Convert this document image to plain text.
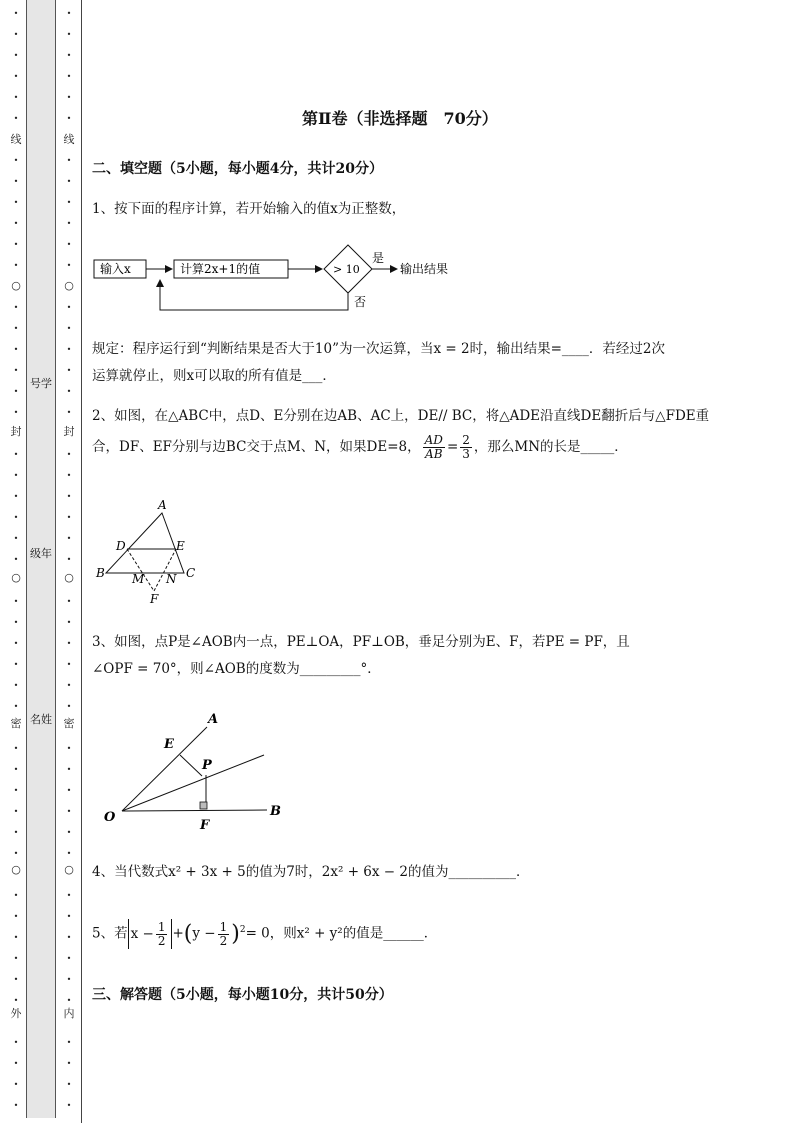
•
•
•
•
•
•
•
•
•
•
•
•
•
•
•
•
•
•
•
•
•
•
•
•
•
•
•
•
•
•
•
•
•
•
•
•
•
•
•
•
•
•
•
•
•
•
线
○
封
○
密
○
外
号学
级年
名姓
•
•
•
•
•
•
•
•
•
•
•
•
•
•
•
•
•
•
•
•
•
•
•
•
•
•
•
•
•
•
•
•
•
•
•
•
•
•
•
•
•
•
•
•
•
•
线
○
封
○
密
○
内
第Ⅱ卷（非选择题　70分）
二、填空题（5小题，每小题4分，共计20分）
1、按下面的程序计算，若开始输入的值x为正整数，
输入x	计算2x+1的值	> 10
是
输出结果
否
规定：程序运行到“判断结果是否大于10”为一次运算，当x = 2时，输出结果=____．若经过2次
运算就停止，则x可以取的所有值是___．
2、如图，在△ABC中，点D、E分别在边AB、AC上，DE// BC，将△ADE沿直线DE翻折后与△FDE重
合，DF、EF分别与边BC交于点M、N，如果DE=8， $\frac{AD}{AB} = \frac{2}{3}$ ，那么MN的长是_____．
A
B	C
D	E
F
M N
3、如图，点P是∠AOB内一点，PE⊥OA，PF⊥OB，垂足分别为E、F，若PE = PF，且
∠OPF = 70°，则∠AOB的度数为_________°．
A
B
O
E
F
P
4、当代数式x² + 3x + 5的值为7时，2x² + 6x − 2的值为__________．
5、若 $x - \frac{1}{2} +(y - \frac{1}{2} )^2= 0$，则x² + y²的值是______．
三、解答题（5小题，每小题10分，共计50分）
